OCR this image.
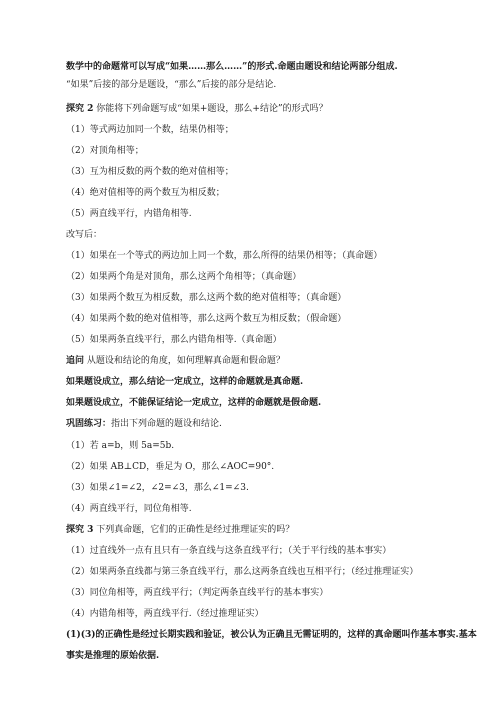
数学中的命题常可以写成“如果……那么……”的形式.命题由题设和结论两部分组成.
“如果”后接的部分是题设，“那么”后接的部分是结论.
探究 2 你能将下列命题写成“如果+题设，那么+结论”的形式吗？
（1）等式两边加同一个数，结果仍相等；
（2）对顶角相等；
（3）互为相反数的两个数的绝对值相等；
（4）绝对值相等的两个数互为相反数；
（5）两直线平行，内错角相等.
改写后：
（1）如果在一个等式的两边加上同一个数，那么所得的结果仍相等；（真命题）
（2）如果两个角是对顶角，那么这两个角相等；（真命题）
（3）如果两个数互为相反数，那么这两个数的绝对值相等；（真命题）
（4）如果两个数的绝对值相等，那么这两个数互为相反数；（假命题）
（5）如果两条直线平行，那么内错角相等.（真命题）
追问 从题设和结论的角度，如何理解真命题和假命题？
如果题设成立，那么结论一定成立，这样的命题就是真命题.
如果题设成立，不能保证结论一定成立，这样的命题就是假命题.
巩固练习：指出下列命题的题设和结论.
（1）若 a=b，则 5a=5b.
（2）如果 AB⊥CD，垂足为 O，那么∠AOC=90°.
（3）如果∠1=∠2，∠2=∠3，那么∠1=∠3.
（4）两直线平行，同位角相等.
探究 3 下列真命题，它们的正确性是经过推理证实的吗？
（1）过直线外一点有且只有一条直线与这条直线平行；（关于平行线的基本事实）
（2）如果两条直线都与第三条直线平行，那么这两条直线也互相平行；（经过推理证实）
（3）同位角相等，两直线平行；（判定两条直线平行的基本事实）
（4）内错角相等，两直线平行.（经过推理证实）
(1)(3)的正确性是经过长期实践和验证，被公认为正确且无需证明的，这样的真命题叫作基本事实.基本
事实是推理的原始依据.
